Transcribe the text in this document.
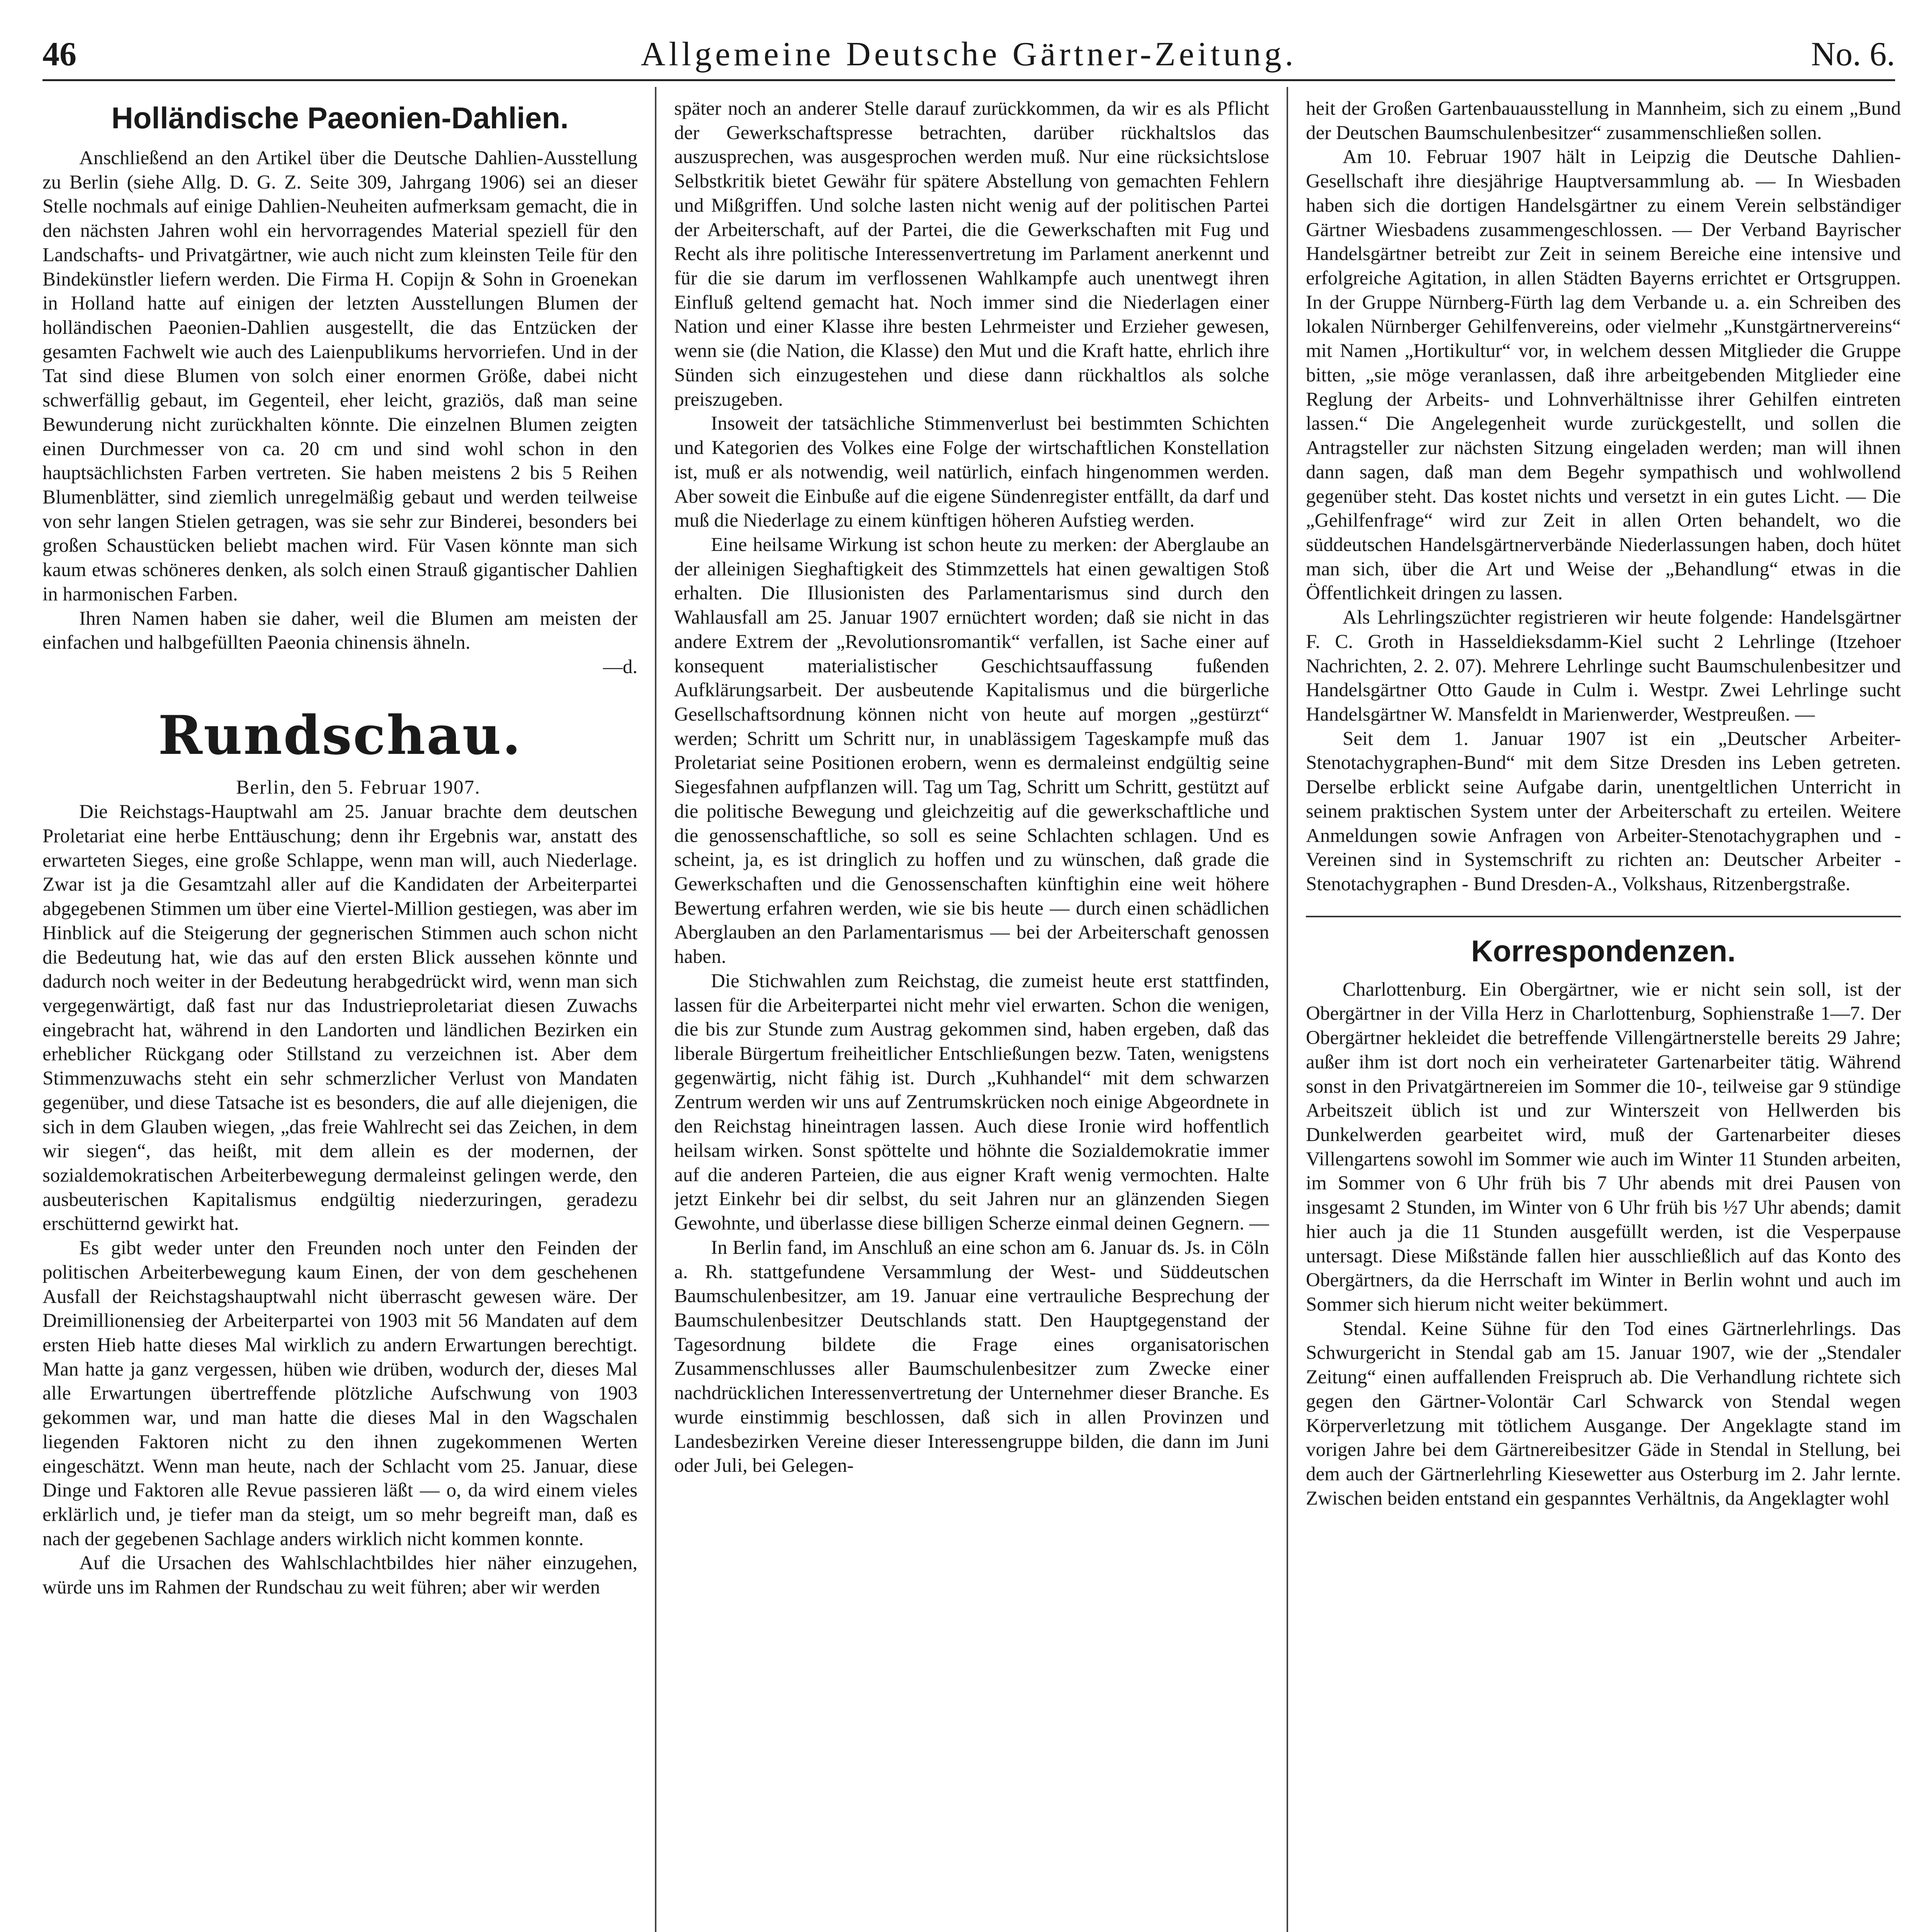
46	Allgemeine Deutsche Gärtner-Zeitung.	No. 6.
Holländische Paeonien-Dahlien.

Anschließend an den Artikel über die Deutsche Dahlien-Ausstellung zu Berlin (siehe Allg. D. G. Z. Seite 309, Jahrgang 1906) sei an dieser Stelle nochmals auf einige Dahlien-Neuheiten aufmerksam gemacht, die in den nächsten Jahren wohl ein hervorragendes Material speziell für den Landschafts- und Privatgärtner, wie auch nicht zum kleinsten Teile für den Bindekünstler liefern werden. Die Firma H. Copijn & Sohn in Groenekan in Holland hatte auf einigen der letzten Ausstellungen Blumen der holländischen Paeonien-Dahlien ausgestellt, die das Entzücken der gesamten Fachwelt wie auch des Laienpublikums hervorriefen. Und in der Tat sind diese Blumen von solch einer enormen Größe, dabei nicht schwerfällig gebaut, im Gegenteil, eher leicht, graziös, daß man seine Bewunderung nicht zurückhalten könnte. Die einzelnen Blumen zeigten einen Durchmesser von ca. 20 cm und sind wohl schon in den hauptsächlichsten Farben vertreten. Sie haben meistens 2 bis 5 Reihen Blumenblätter, sind ziemlich unregelmäßig gebaut und werden teilweise von sehr langen Stielen getragen, was sie sehr zur Binderei, besonders bei großen Schaustücken beliebt machen wird. Für Vasen könnte man sich kaum etwas schöneres denken, als solch einen Strauß gigantischer Dahlien in harmonischen Farben.

Ihren Namen haben sie daher, weil die Blumen am meisten der einfachen und halbgefüllten Paeonia chinensis ähneln.

—d.

Rundschau.

Berlin, den 5. Februar 1907.

Die Reichstags-Hauptwahl am 25. Januar brachte dem deutschen Proletariat eine herbe Enttäuschung; denn ihr Ergebnis war, anstatt des erwarteten Sieges, eine große Schlappe, wenn man will, auch Niederlage. Zwar ist ja die Gesamtzahl aller auf die Kandidaten der Arbeiterpartei abgegebenen Stimmen um über eine Viertel-Million gestiegen, was aber im Hinblick auf die Steigerung der gegnerischen Stimmen auch schon nicht die Bedeutung hat, wie das auf den ersten Blick aussehen könnte und dadurch noch weiter in der Bedeutung herabgedrückt wird, wenn man sich vergegenwärtigt, daß fast nur das Industrieproletariat diesen Zuwachs eingebracht hat, während in den Landorten und ländlichen Bezirken ein erheblicher Rückgang oder Stillstand zu verzeichnen ist. Aber dem Stimmenzuwachs steht ein sehr schmerzlicher Verlust von Mandaten gegenüber, und diese Tatsache ist es besonders, die auf alle diejenigen, die sich in dem Glauben wiegen, „das freie Wahlrecht sei das Zeichen, in dem wir siegen“, das heißt, mit dem allein es der modernen, der sozialdemokratischen Arbeiterbewegung dermaleinst gelingen werde, den ausbeuterischen Kapitalismus endgültig niederzuringen, geradezu erschütternd gewirkt hat.

Es gibt weder unter den Freunden noch unter den Feinden der politischen Arbeiterbewegung kaum Einen, der von dem geschehenen Ausfall der Reichstagshauptwahl nicht überrascht gewesen wäre. Der Dreimillionensieg der Arbeiterpartei von 1903 mit 56 Mandaten auf dem ersten Hieb hatte dieses Mal wirklich zu andern Erwartungen berechtigt. Man hatte ja ganz vergessen, hüben wie drüben, wodurch der, dieses Mal alle Erwartungen übertreffende plötzliche Aufschwung von 1903 gekommen war, und man hatte die dieses Mal in den Wagschalen liegenden Faktoren nicht zu den ihnen zugekommenen Werten eingeschätzt. Wenn man heute, nach der Schlacht vom 25. Januar, diese Dinge und Faktoren alle Revue passieren läßt — o, da wird einem vieles erklärlich und, je tiefer man da steigt, um so mehr begreift man, daß es nach der gegebenen Sachlage anders wirklich nicht kommen konnte.

Auf die Ursachen des Wahlschlachtbildes hier näher einzugehen, würde uns im Rahmen der Rundschau zu weit führen; aber wir werden

später noch an anderer Stelle darauf zurückkommen, da wir es als Pflicht der Gewerkschaftspresse betrachten, darüber rückhaltslos das auszusprechen, was ausgesprochen werden muß. Nur eine rücksichtslose Selbstkritik bietet Gewähr für spätere Abstellung von gemachten Fehlern und Mißgriffen. Und solche lasten nicht wenig auf der politischen Partei der Arbeiterschaft, auf der Partei, die die Gewerkschaften mit Fug und Recht als ihre politische Interessenvertretung im Parlament anerkennt und für die sie darum im verflossenen Wahlkampfe auch unentwegt ihren Einfluß geltend gemacht hat. Noch immer sind die Niederlagen einer Nation und einer Klasse ihre besten Lehrmeister und Erzieher gewesen, wenn sie (die Nation, die Klasse) den Mut und die Kraft hatte, ehrlich ihre Sünden sich einzugestehen und diese dann rückhaltlos als solche preiszugeben.

Insoweit der tatsächliche Stimmenverlust bei bestimmten Schichten und Kategorien des Volkes eine Folge der wirtschaftlichen Konstellation ist, muß er als notwendig, weil natürlich, einfach hingenommen werden. Aber soweit die Einbuße auf die eigene Sündenregister entfällt, da darf und muß die Niederlage zu einem künftigen höheren Aufstieg werden.

Eine heilsame Wirkung ist schon heute zu merken: der Aberglaube an der alleinigen Sieghaftigkeit des Stimmzettels hat einen gewaltigen Stoß erhalten. Die Illusionisten des Parlamentarismus sind durch den Wahlausfall am 25. Januar 1907 ernüchtert worden; daß sie nicht in das andere Extrem der „Revolutionsromantik“ verfallen, ist Sache einer auf konsequent materialistischer Geschichtsauffassung fußenden Aufklärungsarbeit. Der ausbeutende Kapitalismus und die bürgerliche Gesellschaftsordnung können nicht von heute auf morgen „gestürzt“ werden; Schritt um Schritt nur, in unablässigem Tageskampfe muß das Proletariat seine Positionen erobern, wenn es dermaleinst endgültig seine Siegesfahnen aufpflanzen will. Tag um Tag, Schritt um Schritt, gestützt auf die politische Bewegung und gleichzeitig auf die gewerkschaftliche und die genossenschaftliche, so soll es seine Schlachten schlagen. Und es scheint, ja, es ist dringlich zu hoffen und zu wünschen, daß grade die Gewerkschaften und die Genossenschaften künftighin eine weit höhere Bewertung erfahren werden, wie sie bis heute — durch einen schädlichen Aberglauben an den Parlamentarismus — bei der Arbeiterschaft genossen haben.

Die Stichwahlen zum Reichstag, die zumeist heute erst stattfinden, lassen für die Arbeiterpartei nicht mehr viel erwarten. Schon die wenigen, die bis zur Stunde zum Austrag gekommen sind, haben ergeben, daß das liberale Bürgertum freiheitlicher Entschließungen bezw. Taten, wenigstens gegenwärtig, nicht fähig ist. Durch „Kuhhandel“ mit dem schwarzen Zentrum werden wir uns auf Zentrumskrücken noch einige Abgeordnete in den Reichstag hineintragen lassen. Auch diese Ironie wird hoffentlich heilsam wirken. Sonst spöttelte und höhnte die Sozialdemokratie immer auf die anderen Parteien, die aus eigner Kraft wenig vermochten. Halte jetzt Einkehr bei dir selbst, du seit Jahren nur an glänzenden Siegen Gewohnte, und überlasse diese billigen Scherze einmal deinen Gegnern. —

In Berlin fand, im Anschluß an eine schon am 6. Januar ds. Js. in Cöln a. Rh. stattgefundene Versammlung der West- und Süddeutschen Baumschulenbesitzer, am 19. Januar eine vertrauliche Besprechung der Baumschulenbesitzer Deutschlands statt. Den Hauptgegenstand der Tagesordnung bildete die Frage eines organisatorischen Zusammenschlusses aller Baumschulenbesitzer zum Zwecke einer nachdrücklichen Interessenvertretung der Unternehmer dieser Branche. Es wurde einstimmig beschlossen, daß sich in allen Provinzen und Landesbezirken Vereine dieser Interessengruppe bilden, die dann im Juni oder Juli, bei Gelegen-

heit der Großen Gartenbauausstellung in Mannheim, sich zu einem „Bund der Deutschen Baumschulenbesitzer“ zusammenschließen sollen.

Am 10. Februar 1907 hält in Leipzig die Deutsche Dahlien-Gesellschaft ihre diesjährige Hauptversammlung ab. — In Wiesbaden haben sich die dortigen Handelsgärtner zu einem Verein selbständiger Gärtner Wiesbadens zusammengeschlossen. — Der Verband Bayrischer Handelsgärtner betreibt zur Zeit in seinem Bereiche eine intensive und erfolgreiche Agitation, in allen Städten Bayerns errichtet er Ortsgruppen. In der Gruppe Nürnberg-Fürth lag dem Verbande u. a. ein Schreiben des lokalen Nürnberger Gehilfenvereins, oder vielmehr „Kunstgärtnervereins“ mit Namen „Hortikultur“ vor, in welchem dessen Mitglieder die Gruppe bitten, „sie möge veranlassen, daß ihre arbeitgebenden Mitglieder eine Reglung der Arbeits- und Lohnverhältnisse ihrer Gehilfen eintreten lassen.“ Die Angelegenheit wurde zurückgestellt, und sollen die Antragsteller zur nächsten Sitzung eingeladen werden; man will ihnen dann sagen, daß man dem Begehr sympathisch und wohlwollend gegenüber steht. Das kostet nichts und versetzt in ein gutes Licht. — Die „Gehilfenfrage“ wird zur Zeit in allen Orten behandelt, wo die süddeutschen Handelsgärtnerverbände Niederlassungen haben, doch hütet man sich, über die Art und Weise der „Behandlung“ etwas in die Öffentlichkeit dringen zu lassen.

Als Lehrlingszüchter registrieren wir heute folgende: Handelsgärtner F. C. Groth in Hasseldieksdamm-Kiel sucht 2 Lehrlinge (Itzehoer Nachrichten, 2. 2. 07). Mehrere Lehrlinge sucht Baumschulenbesitzer und Handelsgärtner Otto Gaude in Culm i. Westpr. Zwei Lehrlinge sucht Handelsgärtner W. Mansfeldt in Marienwerder, Westpreußen. —

Seit dem 1. Januar 1907 ist ein „Deutscher Arbeiter-Stenotachygraphen-Bund“ mit dem Sitze Dresden ins Leben getreten. Derselbe erblickt seine Aufgabe darin, unentgeltlichen Unterricht in seinem praktischen System unter der Arbeiterschaft zu erteilen. Weitere Anmeldungen sowie Anfragen von Arbeiter-Stenotachygraphen und -Vereinen sind in Systemschrift zu richten an: Deutscher Arbeiter - Stenotachygraphen - Bund Dresden-A., Volkshaus, Ritzenbergstraße.

Korrespondenzen.

Charlottenburg. Ein Obergärtner, wie er nicht sein soll, ist der Obergärtner in der Villa Herz in Charlottenburg, Sophienstraße 1—7. Der Obergärtner hekleidet die betreffende Villengärtnerstelle bereits 29 Jahre; außer ihm ist dort noch ein verheirateter Gartenarbeiter tätig. Während sonst in den Privatgärtnereien im Sommer die 10-, teilweise gar 9 stündige Arbeitszeit üblich ist und zur Winterszeit von Hellwerden bis Dunkelwerden gearbeitet wird, muß der Gartenarbeiter dieses Villengartens sowohl im Sommer wie auch im Winter 11 Stunden arbeiten, im Sommer von 6 Uhr früh bis 7 Uhr abends mit drei Pausen von insgesamt 2 Stunden, im Winter von 6 Uhr früh bis ½7 Uhr abends; damit hier auch ja die 11 Stunden ausgefüllt werden, ist die Vesperpause untersagt. Diese Mißstände fallen hier ausschließlich auf das Konto des Obergärtners, da die Herrschaft im Winter in Berlin wohnt und auch im Sommer sich hierum nicht weiter bekümmert.

Stendal. Keine Sühne für den Tod eines Gärtnerlehrlings. Das Schwurgericht in Stendal gab am 15. Januar 1907, wie der „Stendaler Zeitung“ einen auffallenden Freispruch ab. Die Verhandlung richtete sich gegen den Gärtner-Volontär Carl Schwarck von Stendal wegen Körperverletzung mit tötlichem Ausgange. Der Angeklagte stand im vorigen Jahre bei dem Gärtnereibesitzer Gäde in Stendal in Stellung, bei dem auch der Gärtnerlehrling Kiesewetter aus Osterburg im 2. Jahr lernte. Zwischen beiden entstand ein gespanntes Verhältnis, da Angeklagter wohl
